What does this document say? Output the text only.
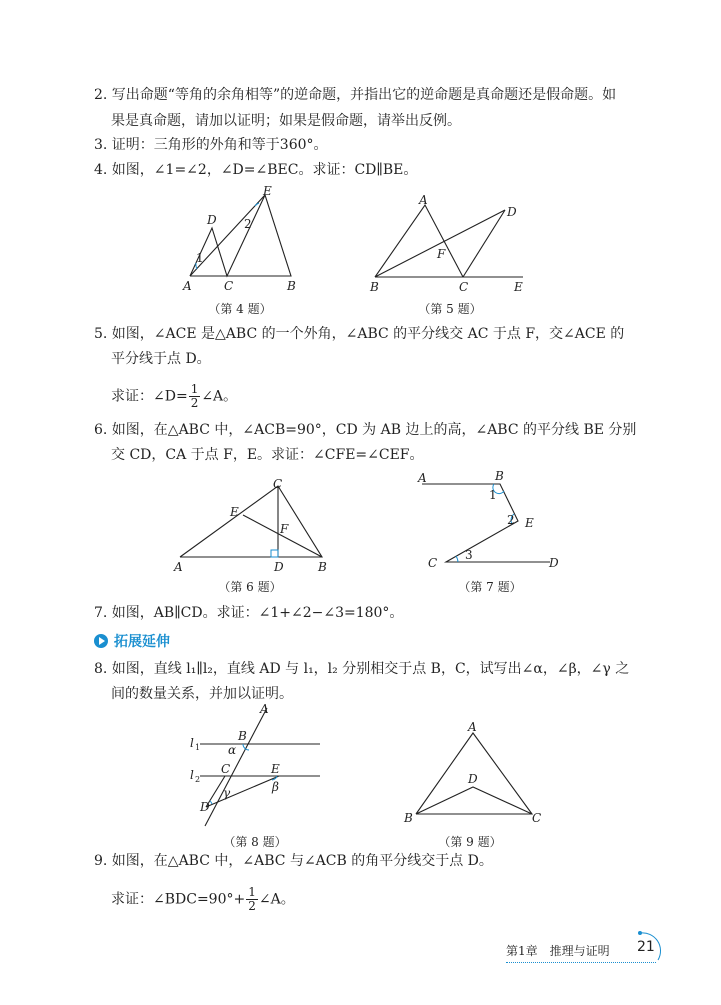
2. 写出命题“等角的余角相等”的逆命题，并指出它的逆命题是真命题还是假命题。如
果是真命题，请加以证明；如果是假命题，请举出反例。
3. 证明：三角形的外角和等于360°。
4. 如图，∠1=∠2，∠D=∠BEC。求证：CD∥BE。
A	B
C
D
E
1
2
（第 4 题）
B	C	E
A
D
F
（第 5 题）
5. 如图，∠ACE 是△ABC 的一个外角，∠ABC 的平分线交 AC 于点 F，交∠ACE 的
平分线于点 D。
求证：∠D= $\frac{1}{2}$ ∠A。
6. 如图，在△ABC 中，∠ACB=90°，CD 为 AB 边上的高，∠ABC 的平分线 BE 分别
交 CD，CA 于点 F，E。求证：∠CFE=∠CEF。
A	B
D
C
E
F
（第 6 题）
A	B
E
C	D
1
2
3
（第 7 题）
7. 如图，AB∥CD。求证：∠1+∠2−∠3=180°。
拓展延伸
8. 如图，直线 l₁∥l₂，直线 AD 与 l₁，l₂ 分别相交于点 B，C，试写出∠α，∠β，∠γ 之
间的数量关系，并加以证明。
A
B
C	E
D
l 1
l 2
α
β
γ
（第 8 题）
A
B	C
D
（第 9 题）
9. 如图，在△ABC 中，∠ABC 与∠ACB 的角平分线交于点 D。
求证：∠BDC=90°+ $\frac{1}{2}$ ∠A。
第1章　推理与证明 21
